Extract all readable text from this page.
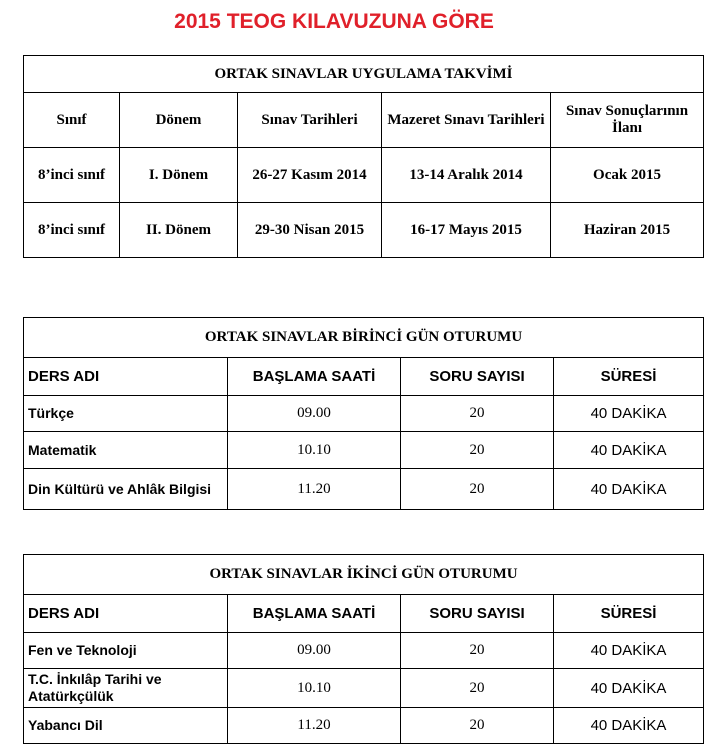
2015 TEOG KILAVUZUNA GÖRE
ORTAK SINAVLAR UYGULAMA TAKVİMİ				
Sınıf	Dönem	Sınav Tarihleri	Mazeret Sınavı Tarihleri	Sınav Sonuçlarının İlanı
8’inci sınıf	I. Dönem	26-27 Kasım 2014	13-14 Aralık 2014	Ocak 2015
8’inci sınıf	II. Dönem	29-30 Nisan 2015	16-17 Mayıs 2015	Haziran 2015
ORTAK SINAVLAR BİRİNCİ GÜN OTURUMU			
DERS ADI	BAŞLAMA SAATİ	SORU SAYISI	SÜRESİ
Türkçe	09.00	20	40 DAKİKA
Matematik	10.10	20	40 DAKİKA
Din Kültürü ve Ahlâk Bilgisi	11.20	20	40 DAKİKA
ORTAK SINAVLAR İKİNCİ GÜN OTURUMU			
DERS ADI	BAŞLAMA SAATİ	SORU SAYISI	SÜRESİ
Fen ve Teknoloji	09.00	20	40 DAKİKA
T.C. İnkılâp Tarihi ve Atatürkçülük	10.10	20	40 DAKİKA
Yabancı Dil	11.20	20	40 DAKİKA
